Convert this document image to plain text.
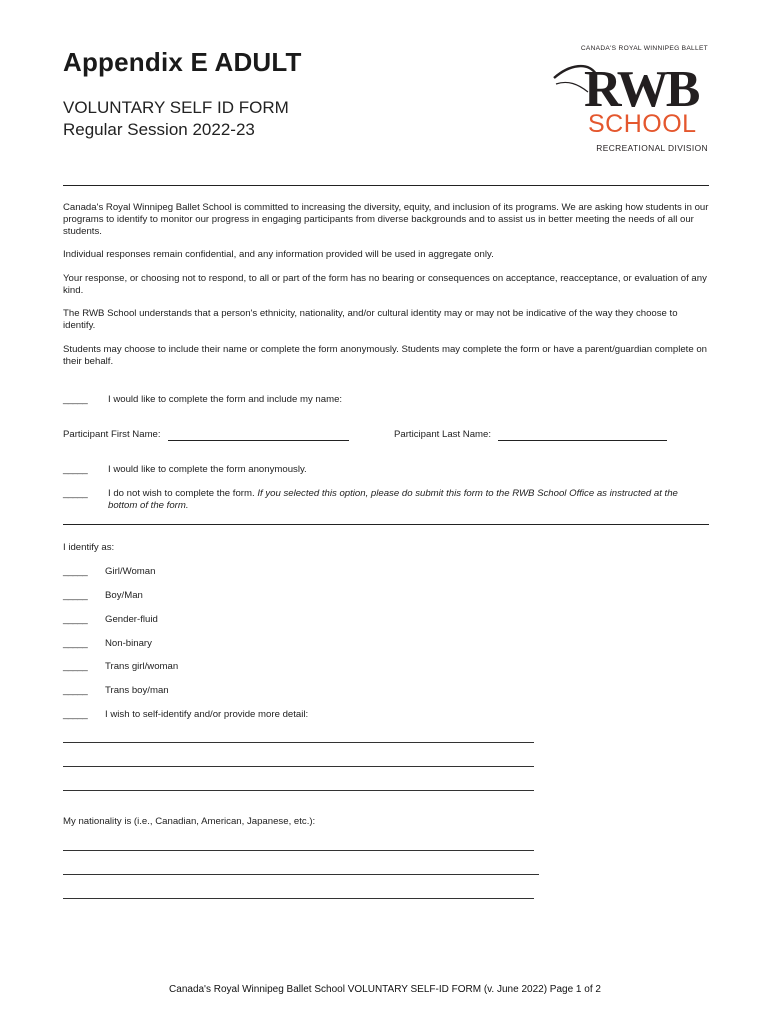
Appendix E ADULT
VOLUNTARY SELF ID FORM
Regular Session 2022-23
CANADA'S ROYAL WINNIPEG BALLET
RWB
SCHOOL
RECREATIONAL DIVISION
Canada's Royal Winnipeg Ballet School is committed to increasing the diversity, equity, and inclusion of its programs. We are asking how students in our programs to identify to monitor our progress in engaging participants from diverse backgrounds and to assist us in better meeting the needs of all our students.
Individual responses remain confidential, and any information provided will be used in aggregate only.
Your response, or choosing not to respond, to all or part of the form has no bearing or consequences on acceptance, reacceptance, or evaluation of any kind.
The RWB School understands that a person's ethnicity, nationality, and/or cultural identity may or may not be indicative of the way they choose to identify.
Students may choose to include their name or complete the form anonymously. Students may complete the form or have a parent/guardian complete on their behalf.
_____ I would like to complete the form and include my name:
Participant First Name:	Participant Last Name:
_____ I would like to complete the form anonymously.
_____ I do not wish to complete the form. If you selected this option, please do submit this form to the RWB School Office as instructed at the bottom of the form.
I identify as:
_____ Girl/Woman
_____ Boy/Man
_____ Gender-fluid
_____ Non-binary
_____ Trans girl/woman
_____ Trans boy/man
_____ I wish to self-identify and/or provide more detail:
My nationality is (i.e., Canadian, American, Japanese, etc.):
Canada's Royal Winnipeg Ballet School VOLUNTARY SELF-ID FORM (v. June 2022) Page 1 of 2
